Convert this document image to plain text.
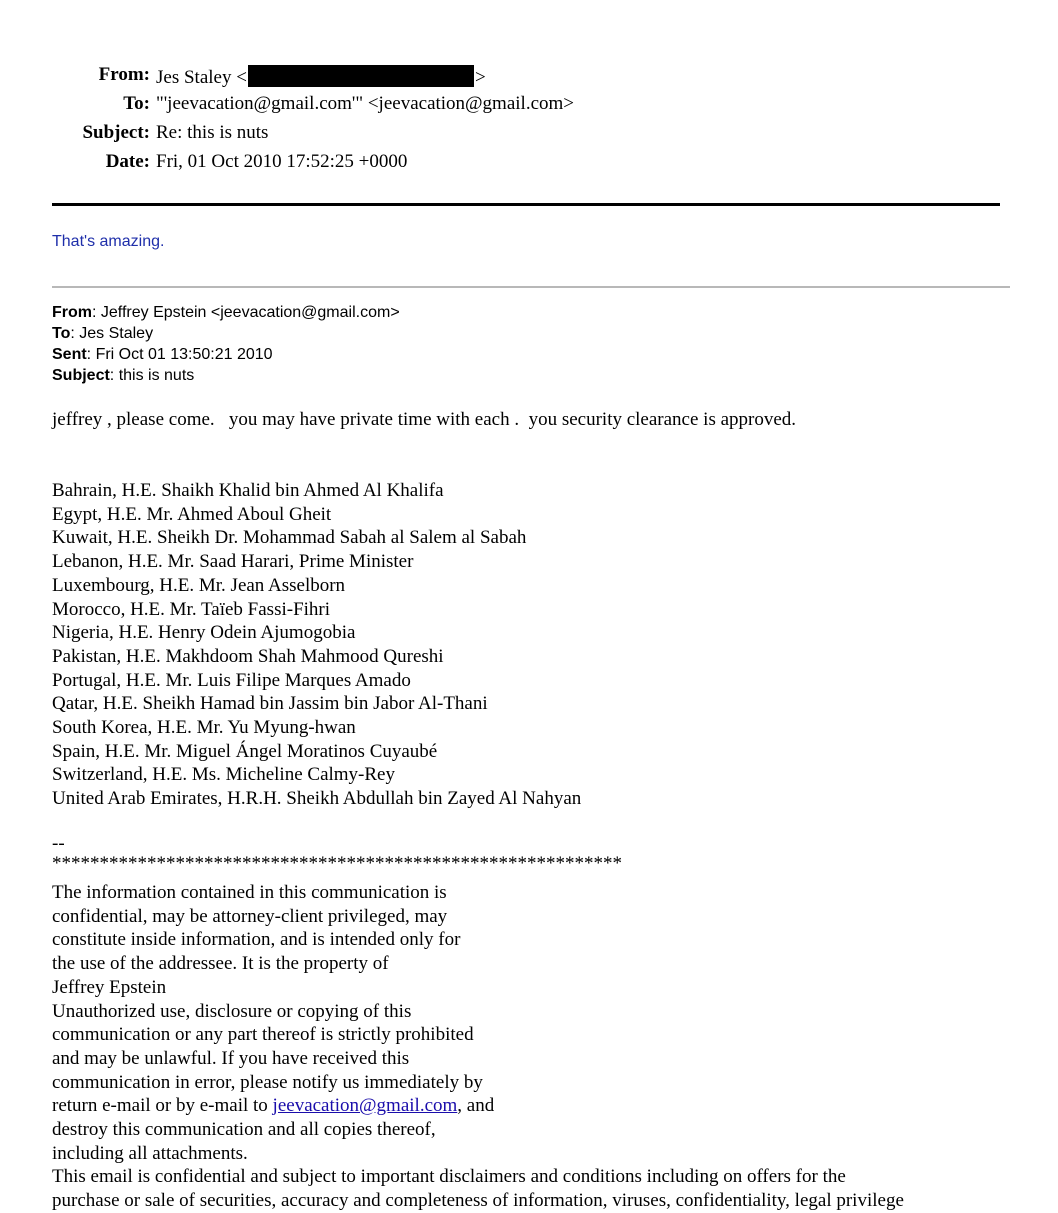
From: Jes Staley <	>
To: "'jeevacation@gmail.com'" <jeevacation@gmail.com>
Subject: Re: this is nuts
Date: Fri, 01 Oct 2010 17:52:25 +0000
That's amazing.
From: Jeffrey Epstein <jeevacation@gmail.com>
To: Jes Staley
Sent: Fri Oct 01 13:50:21 2010
Subject: this is nuts
jeffrey , please come.   you may have private time with each .  you security clearance is approved.
Bahrain, H.E. Shaikh Khalid bin Ahmed Al Khalifa
Egypt, H.E. Mr. Ahmed Aboul Gheit
Kuwait, H.E. Sheikh Dr. Mohammad Sabah al Salem al Sabah
Lebanon, H.E. Mr. Saad Harari, Prime Minister
Luxembourg, H.E. Mr. Jean Asselborn
Morocco, H.E. Mr. Taïeb Fassi-Fihri
Nigeria, H.E. Henry Odein Ajumogobia
Pakistan, H.E. Makhdoom Shah Mahmood Qureshi
Portugal, H.E. Mr. Luis Filipe Marques Amado
Qatar, H.E. Sheikh Hamad bin Jassim bin Jabor Al-Thani
South Korea, H.E. Mr. Yu Myung-hwan
Spain, H.E. Mr. Miguel Ángel Moratinos Cuyaubé
Switzerland, H.E. Ms. Micheline Calmy-Rey
United Arab Emirates, H.R.H. Sheikh Abdullah bin Zayed Al Nahyan
--
************************************************************
The information contained in this communication is
confidential, may be attorney-client privileged, may
constitute inside information, and is intended only for
the use of the addressee. It is the property of
Jeffrey Epstein
Unauthorized use, disclosure or copying of this
communication or any part thereof is strictly prohibited
and may be unlawful. If you have received this
communication in error, please notify us immediately by
return e-mail or by e-mail to jeevacation@gmail.com, and
destroy this communication and all copies thereof,
including all attachments.
This email is confidential and subject to important disclaimers and conditions including on offers for the
purchase or sale of securities, accuracy and completeness of information, viruses, confidentiality, legal privilege
